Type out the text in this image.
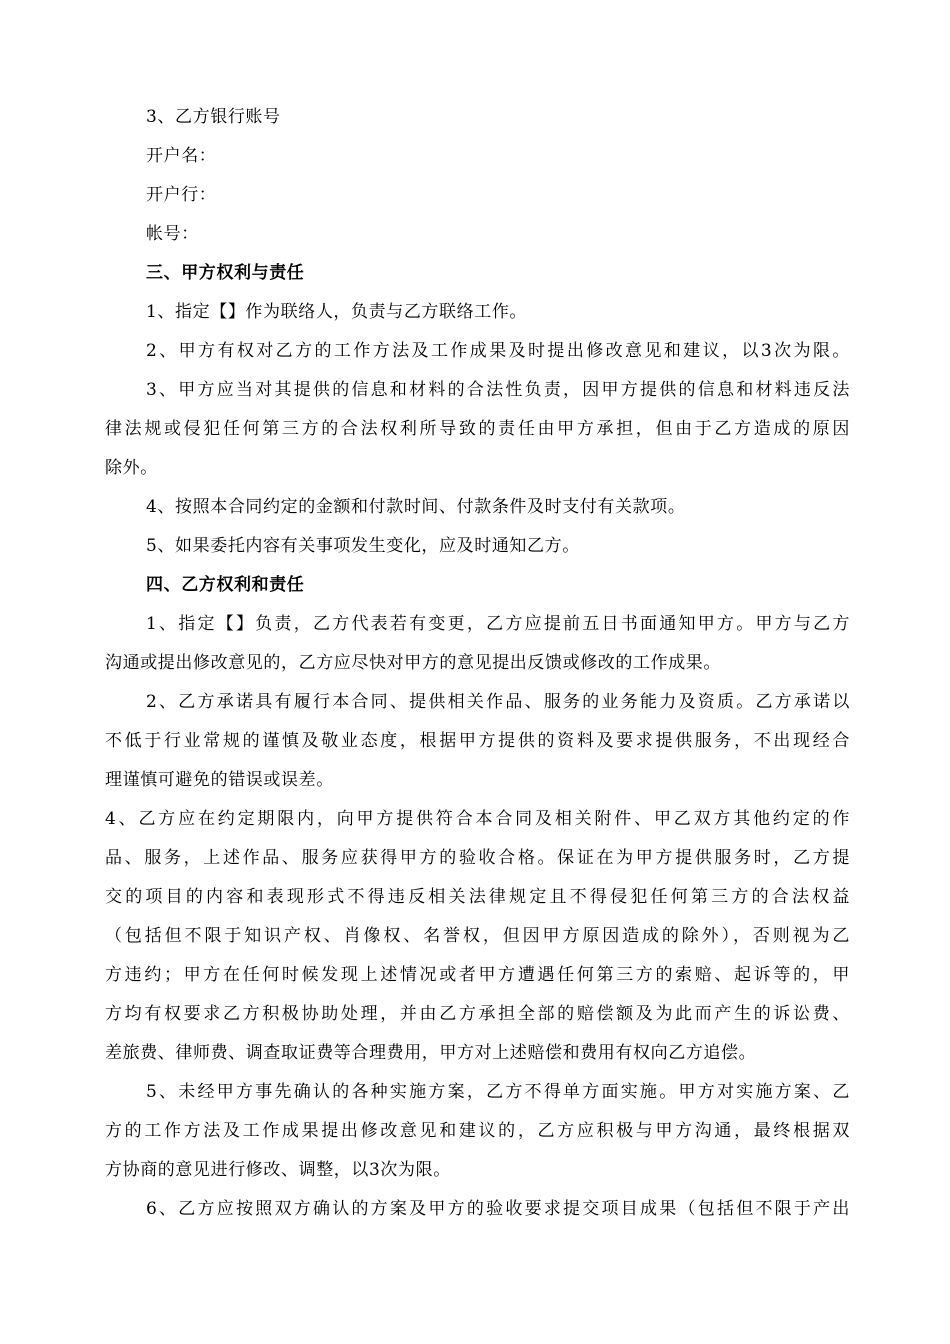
3、乙方银行账号
开户名：
开户行：
帐号：
三、甲方权利与责任
1、指定【】作为联络人，负责与乙方联络工作。
2、甲方有权对乙方的工作方法及工作成果及时提出修改意见和建议，以3次为限。
3、甲方应当对其提供的信息和材料的合法性负责，因甲方提供的信息和材料违反法
律法规或侵犯任何第三方的合法权利所导致的责任由甲方承担，但由于乙方造成的原因
除外。
4、按照本合同约定的金额和付款时间、付款条件及时支付有关款项。
5、如果委托内容有关事项发生变化，应及时通知乙方。
四、乙方权利和责任
1、指定【】负责，乙方代表若有变更，乙方应提前五日书面通知甲方。甲方与乙方
沟通或提出修改意见的，乙方应尽快对甲方的意见提出反馈或修改的工作成果。
2、乙方承诺具有履行本合同、提供相关作品、服务的业务能力及资质。乙方承诺以
不低于行业常规的谨慎及敬业态度，根据甲方提供的资料及要求提供服务，不出现经合
理谨慎可避免的错误或误差。
4、乙方应在约定期限内，向甲方提供符合本合同及相关附件、甲乙双方其他约定的作
品、服务，上述作品、服务应获得甲方的验收合格。保证在为甲方提供服务时，乙方提
交的项目的内容和表现形式不得违反相关法律规定且不得侵犯任何第三方的合法权益
（包括但不限于知识产权、肖像权、名誉权，但因甲方原因造成的除外），否则视为乙
方违约；甲方在任何时候发现上述情况或者甲方遭遇任何第三方的索赔、起诉等的，甲
方均有权要求乙方积极协助处理，并由乙方承担全部的赔偿额及为此而产生的诉讼费、
差旅费、律师费、调查取证费等合理费用，甲方对上述赔偿和费用有权向乙方追偿。
5、未经甲方事先确认的各种实施方案，乙方不得单方面实施。甲方对实施方案、乙
方的工作方法及工作成果提出修改意见和建议的，乙方应积极与甲方沟通，最终根据双
方协商的意见进行修改、调整，以3次为限。
6、乙方应按照双方确认的方案及甲方的验收要求提交项目成果（包括但不限于产出
